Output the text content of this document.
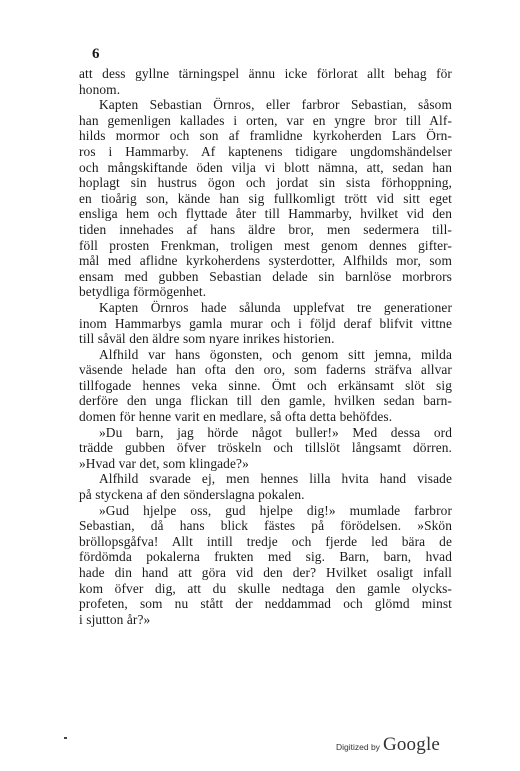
6
att dess gyllne tärningspel ännu icke förlorat allt behag för
honom.
Kapten Sebastian Örnros, eller farbror Sebastian, såsom
han gemenligen kallades i orten, var en yngre bror till Alf-
hilds mormor och son af framlidne kyrkoherden Lars Örn-
ros i Hammarby. Af kaptenens tidigare ungdomshändelser
och mångskiftande öden vilja vi blott nämna, att, sedan han
hoplagt sin hustrus ögon och jordat sin sista förhoppning,
en tioårig son, kände han sig fullkomligt trött vid sitt eget
ensliga hem och flyttade åter till Hammarby, hvilket vid den
tiden innehades af hans äldre bror, men sedermera till-
föll prosten Frenkman, troligen mest genom dennes gifter-
mål med aflidne kyrkoherdens systerdotter, Alfhilds mor, som
ensam med gubben Sebastian delade sin barnlöse morbrors
betydliga förmögenhet.
Kapten Örnros hade sålunda upplefvat tre generationer
inom Hammarbys gamla murar och i följd deraf blifvit vittne
till såväl den äldre som nyare inrikes historien.
Alfhild var hans ögonsten, och genom sitt jemna, milda
väsende helade han ofta den oro, som faderns sträfva allvar
tillfogade hennes veka sinne. Ömt och erkänsamt slöt sig
derföre den unga flickan till den gamle, hvilken sedan barn-
domen för henne varit en medlare, så ofta detta behöfdes.
»Du barn, jag hörde något buller!» Med dessa ord
trädde gubben öfver tröskeln och tillslöt långsamt dörren.
»Hvad var det, som klingade?»
Alfhild svarade ej, men hennes lilla hvita hand visade
på styckena af den sönderslagna pokalen.
»Gud hjelpe oss, gud hjelpe dig!» mumlade farbror
Sebastian, då hans blick fästes på förödelsen. »Skön
bröllopsgåfva! Allt intill tredje och fjerde led bära de
fördömda pokalerna frukten med sig. Barn, barn, hvad
hade din hand att göra vid den der? Hvilket osaligt infall
kom öfver dig, att du skulle nedtaga den gamle olycks-
profeten, som nu stått der neddammad och glömd minst
i sjutton år?»
Digitized by Google
